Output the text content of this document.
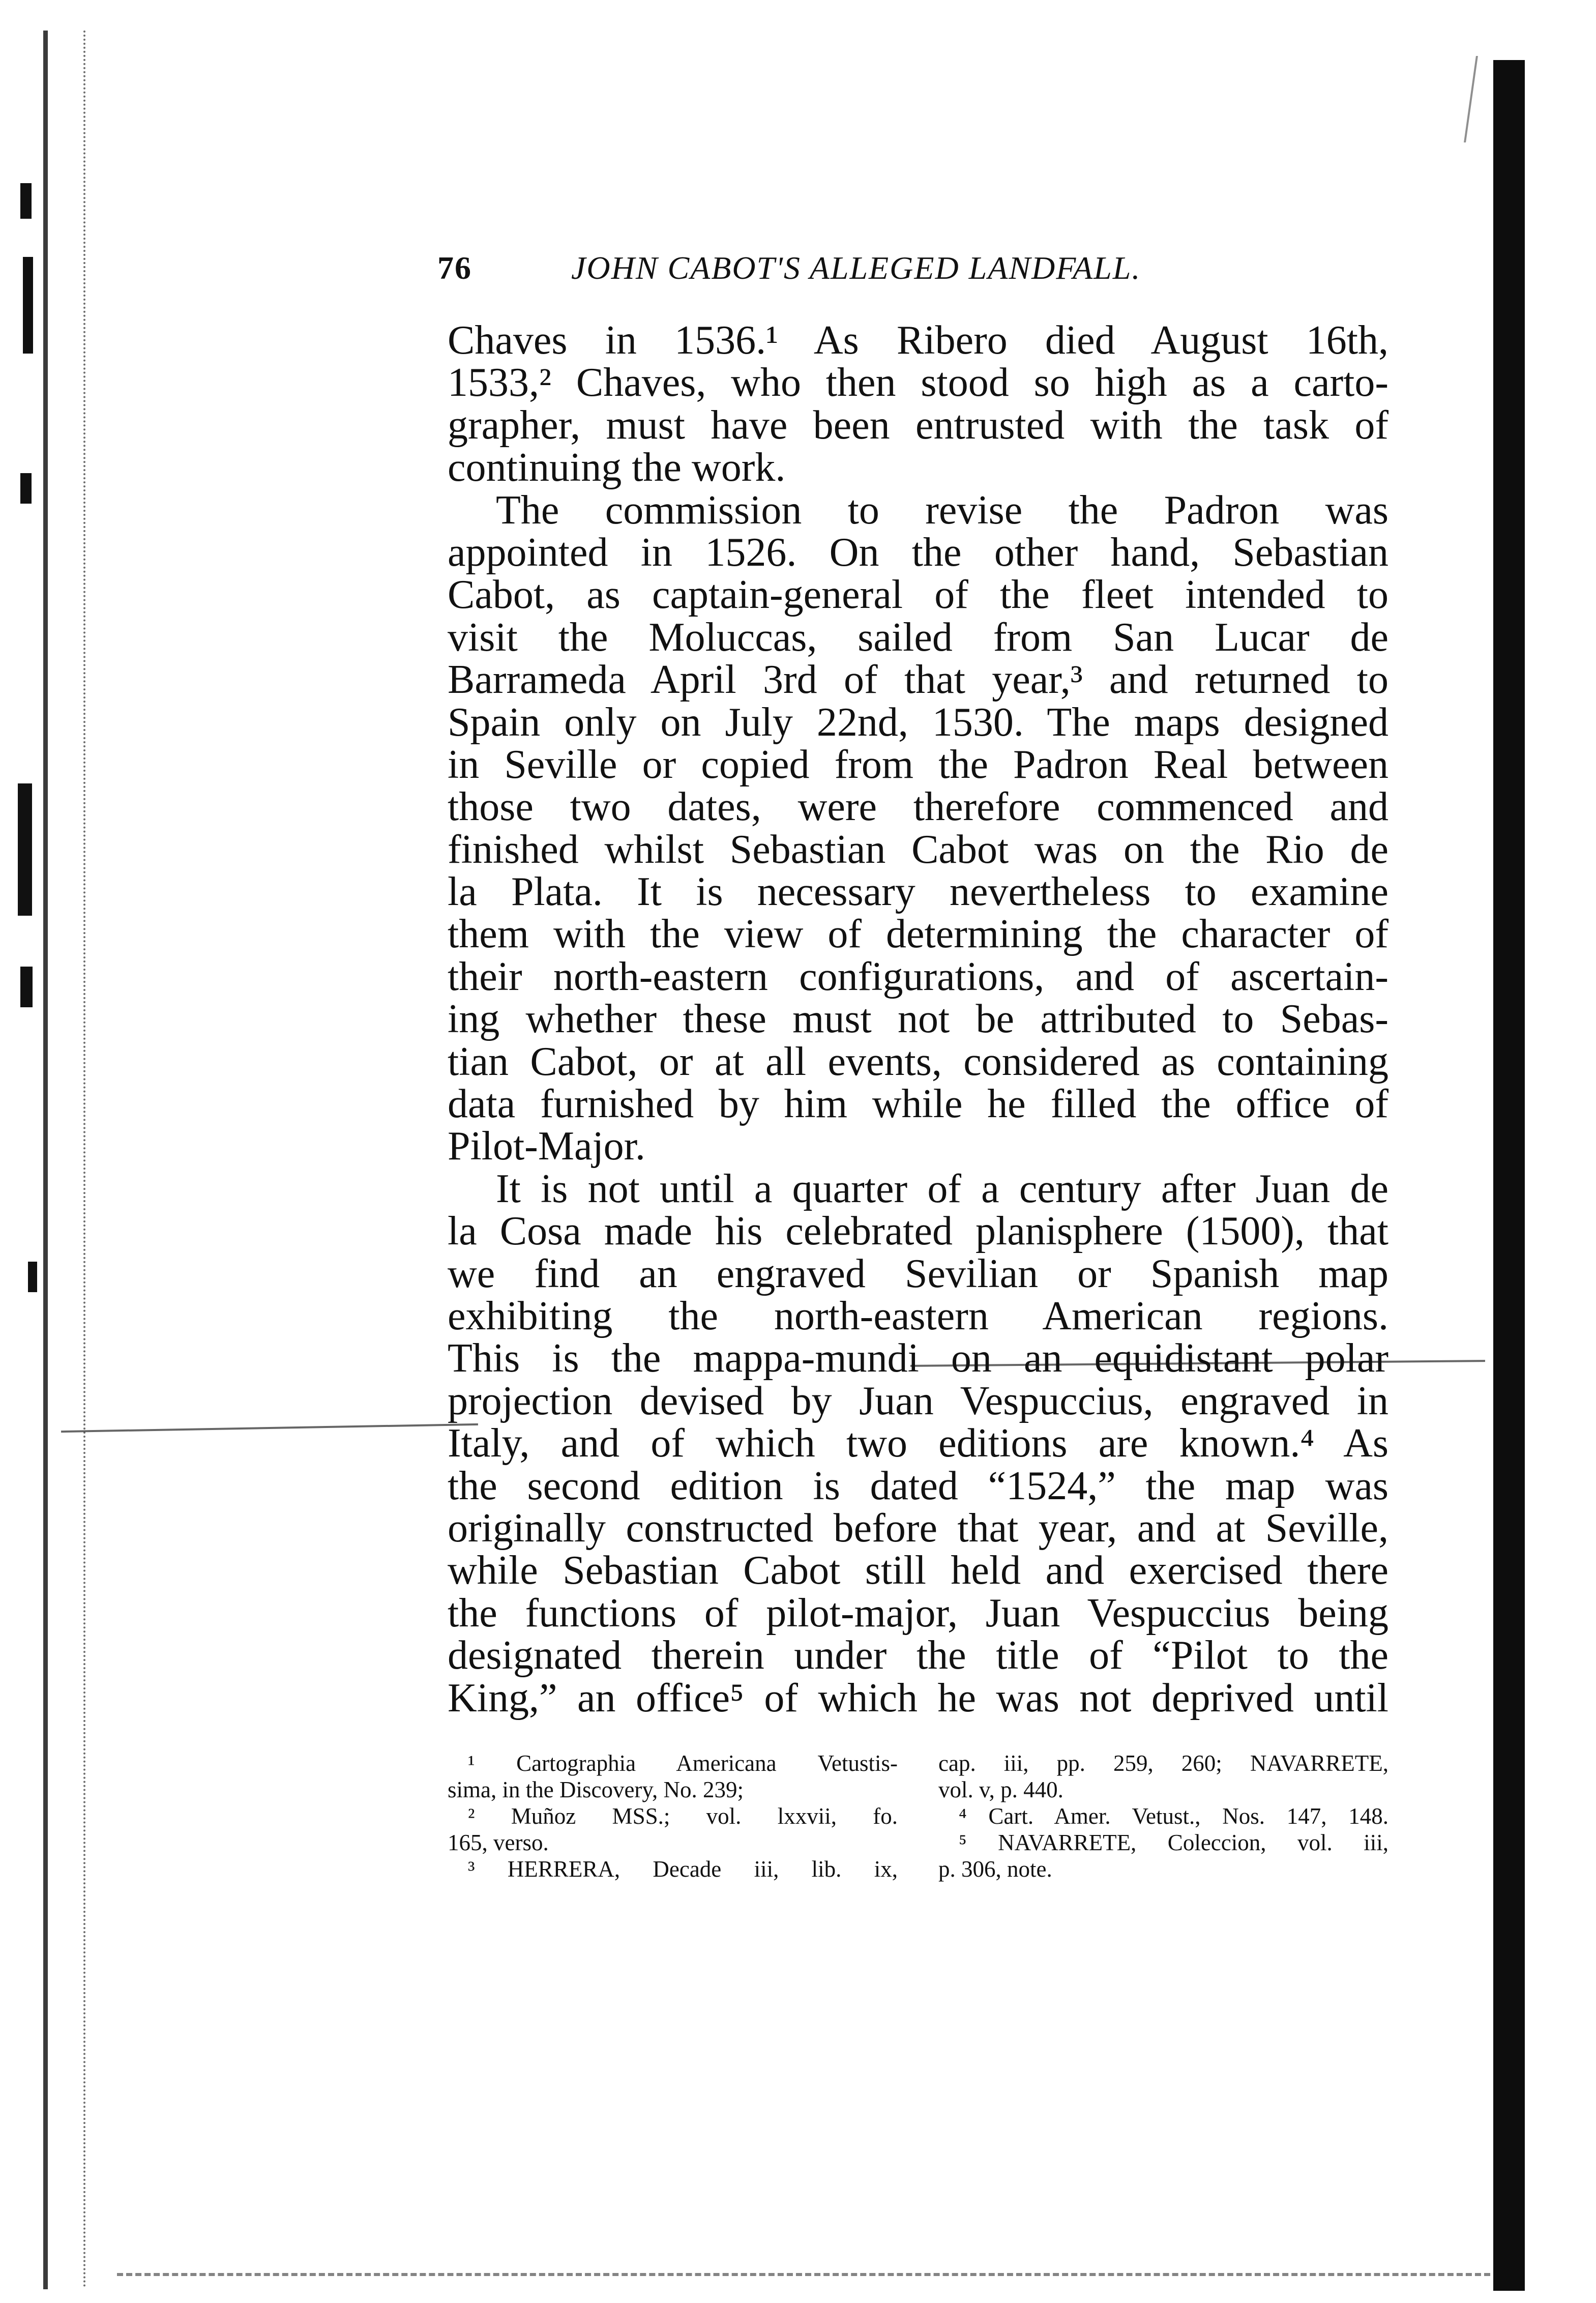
76	JOHN CABOT'S ALLEGED LANDFALL.
Chaves in 1536.¹ As Ribero died August 16th,
1533,² Chaves, who then stood so high as a carto-
grapher, must have been entrusted with the task of
continuing the work.
The commission to revise the Padron was
appointed in 1526. On the other hand, Sebastian
Cabot, as captain-general of the fleet intended to
visit the Moluccas, sailed from San Lucar de
Barrameda April 3rd of that year,³ and returned to
Spain only on July 22nd, 1530. The maps designed
in Seville or copied from the Padron Real between
those two dates, were therefore commenced and
finished whilst Sebastian Cabot was on the Rio de
la Plata. It is necessary nevertheless to examine
them with the view of determining the character of
their north-eastern configurations, and of ascertain-
ing whether these must not be attributed to Sebas-
tian Cabot, or at all events, considered as containing
data furnished by him while he filled the office of
Pilot-Major.
It is not until a quarter of a century after Juan de
la Cosa made his celebrated planisphere (1500), that
we find an engraved Sevilian or Spanish map
exhibiting the north-eastern American regions.
This is the mappa-mundi on an equidistant polar
projection devised by Juan Vespuccius, engraved in
Italy, and of which two editions are known.⁴ As
the second edition is dated “1524,” the map was
originally constructed before that year, and at Seville,
while Sebastian Cabot still held and exercised there
the functions of pilot-major, Juan Vespuccius being
designated therein under the title of “Pilot to the
King,” an office⁵ of which he was not deprived until
¹ Cartographia Americana Vetustis-
sima, in the Discovery, No. 239;
² Muñoz MSS.; vol. lxxvii, fo.
165, verso.
³ HERRERA, Decade iii, lib. ix,
cap. iii, pp. 259, 260; NAVARRETE,
vol. v, p. 440.
⁴ Cart. Amer. Vetust., Nos. 147, 148.
⁵ NAVARRETE, Coleccion, vol. iii,
p. 306, note.
